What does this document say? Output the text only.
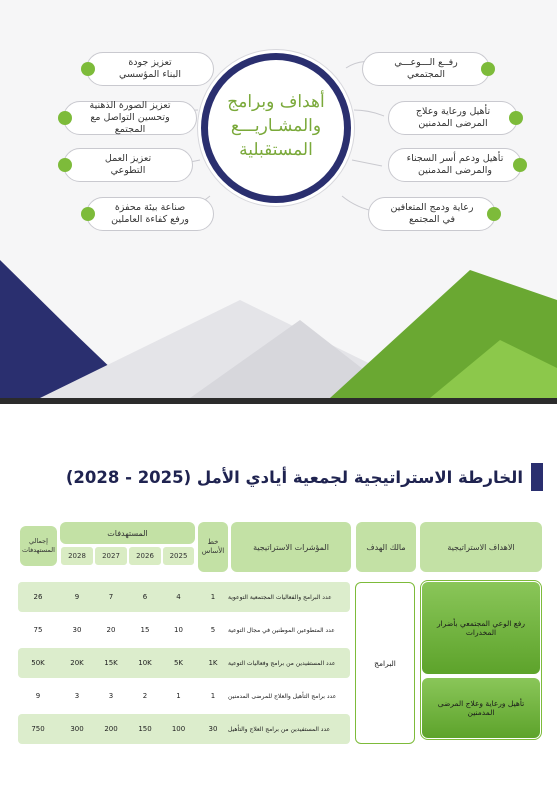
تعزيز جودة
البناء المؤسسي
تعزيز الصورة الذهنية
وتحسين التواصل مع المجتمع
تعزيز العمل
التطوعي
صناعة بيئة محفزة
ورفع كفاءة العاملين
رفــع الـــوعـــي
المجتمعي
تأهيل ورعاية وعلاج
المرضى المدمنين
تأهيل ودعم أسر السجناء
والمرضى المدمنين
رعاية ودمج المتعافين
في المجتمع
أهداف وبرامج
والمشـاريـــع
المستقبلية
الخارطة الاستراتيجية لجمعية أيادي الأمل (2025 - 2028)
الاهداف الاستراتيجية
مالك الهدف
المؤشرات الاستراتيجية
خط الأساس
المستهدفات
2025
2026
2027
2028
إجمالي المستهدفات
عدد البرامج والفعاليات المجتمعية التوعوية
1
4
6
7
9
26
عدد المتطوعين الموطنين في مجال التوعية
5
10
15
20
30
75
عدد المستفيدين من برامج وفعاليات التوعية
1K
5K
10K
15K
20K
50K
عدد برامج التأهيل والعلاج للمرضى المدمنين
1
1
2
3
3
9
عدد المستفيدين من برامج العلاج والتأهيل
30
100
150
200
300
750
البرامج
رفع الوعي المجتمعي بأضرار المخدرات
تأهيل ورعاية وعلاج المرضى المدمنين
